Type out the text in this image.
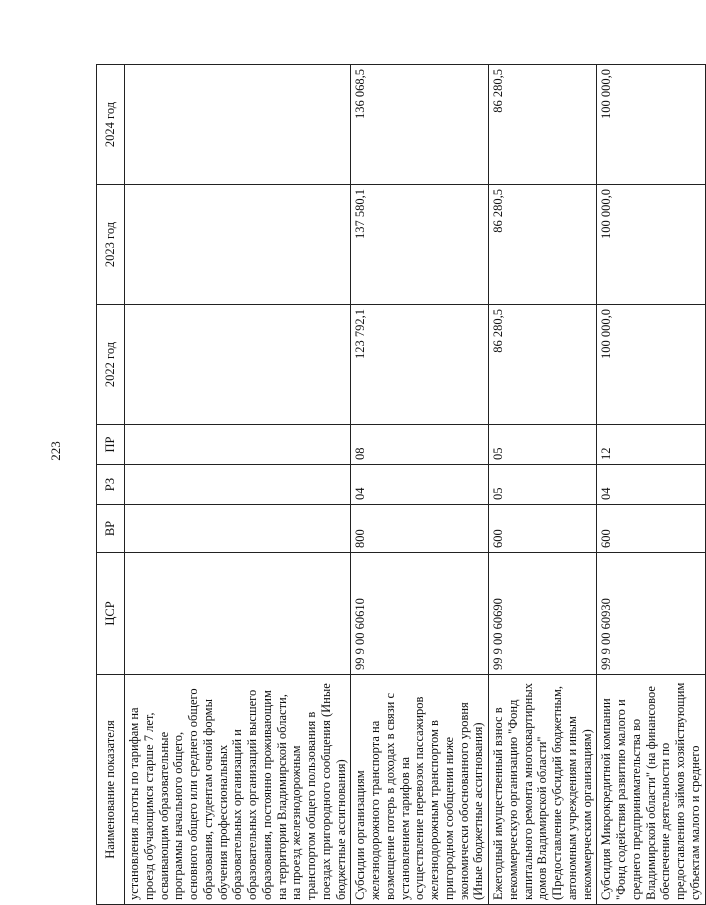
223
Наименование показателя	ЦСР	ВР	РЗ	ПР	2022 год	2023 год	2024 год
установления льготы по тарифам на проезд обучающимся старше 7 лет, осваивающим образовательные программы начального общего, основного общего или среднего общего образования, студентам очной формы обучения профессиональных образовательных организаций и образовательных организаций высшего образования, постоянно проживающим на территории Владимирской области, на проезд железнодорожным транспортом общего пользования в поездах пригородного сообщения (Иные бюджетные ассигнования)							
Субсидии организациям железнодорожного транспорта на возмещение потерь в доходах в связи с установлением тарифов на осуществление перевозок пассажиров железнодорожным транспортом в пригородном сообщении ниже экономически обоснованного уровня (Иные бюджетные ассигнования)	99 9 00 60610	800	04	08	123 792,1	137 580,1	136 068,5
Ежегодный имущественный взнос в некоммерческую организацию "Фонд капитального ремонта многоквартирных домов Владимирской области" (Предоставление субсидий бюджетным, автономным учреждениям и иным некоммерческим организациям)	99 9 00 60690	600	05	05	86 280,5	86 280,5	86 280,5
Субсидия Микрокредитной компании "Фонд содействия развитию малого и среднего предпринимательства во Владимирской области" (на финансовое обеспечение деятельности по предоставлению займов хозяйствующим субъектам малого и среднего	99 9 00 60930	600	04	12	100 000,0	100 000,0	100 000,0
